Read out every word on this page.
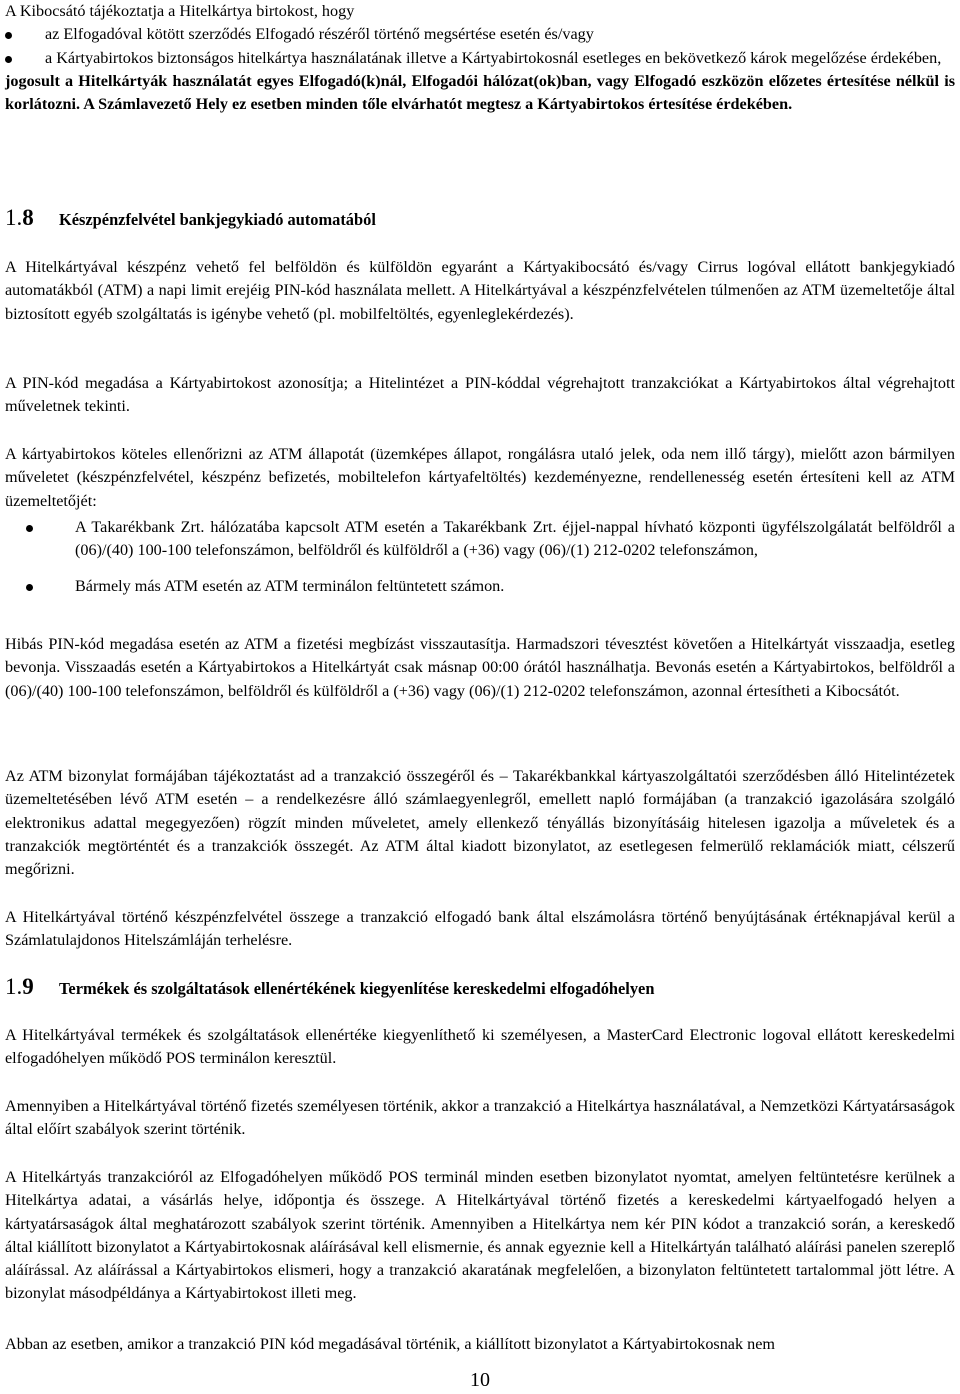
A Kibocsátó tájékoztatja a Hitelkártya birtokost, hogy

az Elfogadóval kötött szerződés Elfogadó részéről történő megsértése esetén és/vagy

a Kártyabirtokos biztonságos hitelkártya használatának illetve a Kártyabirtokosnál esetleges en bekövetkező károk megelőzése érdekében,

jogosult a Hitelkártyák használatát egyes Elfogadó(k)nál, Elfogadói hálózat(ok)ban, vagy Elfogadó eszközön előzetes értesítése nélkül is korlátozni. A Számlavezető Hely ez esetben minden tőle elvárhatót megtesz a Kártyabirtokos értesítése érdekében.

1.8	Készpénzfelvétel bankjegykiadó automatából

A Hitelkártyával készpénz vehető fel belföldön és külföldön egyaránt a Kártyakibocsátó és/vagy Cirrus logóval ellátott bankjegykiadó automatákból (ATM) a napi limit erejéig PIN-kód használata mellett. A Hitelkártyával a készpénzfelvételen túlmenően az ATM üzemeltetője által biztosított egyéb szolgáltatás is igénybe vehető (pl. mobilfeltöltés, egyenleglekérdezés).

A PIN-kód megadása a Kártyabirtokost azonosítja; a Hitelintézet a PIN-kóddal végrehajtott tranzakciókat a Kártyabirtokos által végrehajtott műveletnek tekinti.

A kártyabirtokos köteles ellenőrizni az ATM állapotát (üzemképes állapot, rongálásra utaló jelek, oda nem illő tárgy), mielőtt azon bármilyen műveletet (készpénzfelvétel, készpénz befizetés, mobiltelefon kártyafeltöltés) kezdeményezne, rendellenesség esetén értesíteni kell az ATM üzemeltetőjét:

A Takarékbank Zrt. hálózatába kapcsolt ATM esetén a Takarékbank Zrt. éjjel-nappal hívható központi ügyfélszolgálatát belföldről a (06)/(40) 100-100 telefonszámon, belföldről és külföldről a (+36) vagy (06)/(1) 212-0202 telefonszámon,

Bármely más ATM esetén az ATM terminálon feltüntetett számon.

Hibás PIN-kód megadása esetén az ATM a fizetési megbízást visszautasítja. Harmadszori tévesztést követően a Hitelkártyát visszaadja, esetleg bevonja. Visszaadás esetén a Kártyabirtokos a Hitelkártyát csak másnap 00:00 órától használhatja. Bevonás esetén a Kártyabirtokos, belföldről a (06)/(40) 100-100 telefonszámon, belföldről és külföldről a (+36) vagy (06)/(1) 212-0202 telefonszámon, azonnal értesítheti a Kibocsátót.

Az ATM bizonylat formájában tájékoztatást ad a tranzakció összegéről és – Takarékbankkal kártyaszolgáltatói szerződésben álló Hitelintézetek üzemeltetésében lévő ATM esetén – a rendelkezésre álló számlaegyenlegről, emellett napló formájában (a tranzakció igazolására szolgáló elektronikus adattal megegyezően) rögzít minden műveletet, amely ellenkező tényállás bizonyításáig hitelesen igazolja a műveletek és a tranzakciók megtörténtét és a tranzakciók összegét. Az ATM által kiadott bizonylatot, az esetlegesen felmerülő reklamációk miatt, célszerű megőrizni.

A Hitelkártyával történő készpénzfelvétel összege a tranzakció elfogadó bank által elszámolásra történő benyújtásának értéknapjával kerül a Számlatulajdonos Hitelszámláján terhelésre.

1.9	Termékek és szolgáltatások ellenértékének kiegyenlítése kereskedelmi elfogadóhelyen

A Hitelkártyával termékek és szolgáltatások ellenértéke kiegyenlíthető ki személyesen, a MasterCard Electronic logoval ellátott kereskedelmi elfogadóhelyen működő POS terminálon keresztül.

Amennyiben a Hitelkártyával történő fizetés személyesen történik, akkor a tranzakció a Hitelkártya használatával, a Nemzetközi Kártyatársaságok által előírt szabályok szerint történik.

A Hitelkártyás tranzakcióról az Elfogadóhelyen működő POS terminál minden esetben bizonylatot nyomtat, amelyen feltüntetésre kerülnek a Hitelkártya adatai, a vásárlás helye, időpontja és összege. A Hitelkártyával történő fizetés a kereskedelmi kártyaelfogadó helyen a kártyatársaságok által meghatározott szabályok szerint történik. Amennyiben a Hitelkártya nem kér PIN kódot a tranzakció során, a kereskedő által kiállított bizonylatot a Kártyabirtokosnak aláírásával kell elismernie, és annak egyeznie kell a Hitelkártyán található aláírási panelen szereplő aláírással. Az aláírással a Kártyabirtokos elismeri, hogy a tranzakció akaratának megfelelően, a bizonylaton feltüntetett tartalommal jött létre. A bizonylat másodpéldánya a Kártyabirtokost illeti meg.

Abban az esetben, amikor a tranzakció PIN kód megadásával történik, a kiállított bizonylatot a Kártyabirtokosnak nem

10
